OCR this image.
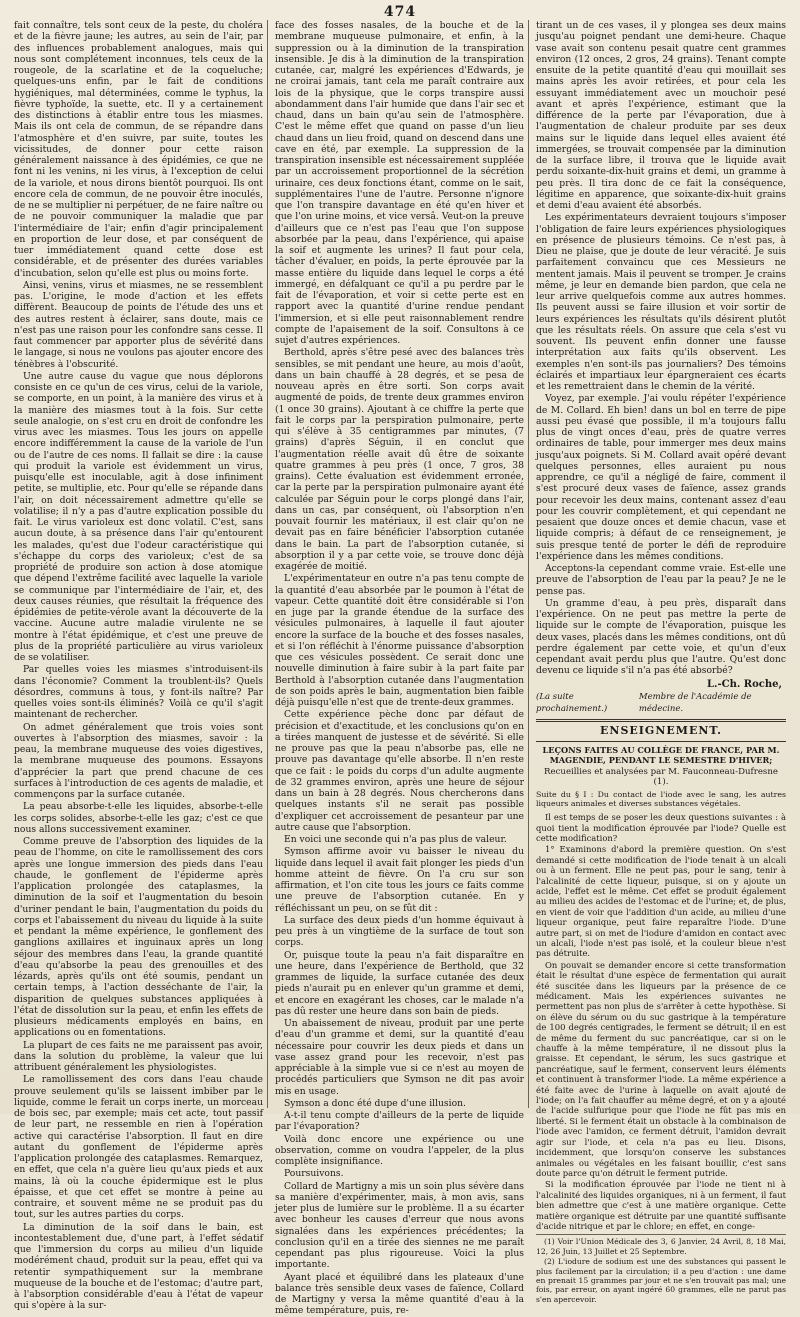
474

fait connaître, tels sont ceux de la peste, du choléra et de la fièvre jaune; les autres, au sein de l'air, par des influences probablement analogues, mais qui nous sont complétement inconnues, tels ceux de la rougeole, de la scarlatine et de la coqueluche; quelques-uns enfin, par le fait de conditions hygiéniques, mal déterminées, comme le typhus, la fièvre typhoïde, la suette, etc. Il y a certainement des distinctions à établir entre tous les miasmes. Mais ils ont cela de commun, de se répandre dans l'atmosphère et d'en suivre, par suite, toutes les vicissitudes, de donner pour cette raison généralement naissance à des épidémies, ce que ne font ni les venins, ni les virus, à l'exception de celui de la variole, et nous dirons bientôt pourquoi. Ils ont encore cela de commun, de ne pouvoir être inoculés, de ne se multiplier ni perpétuer, de ne faire naître ou de ne pouvoir communiquer la maladie que par l'intermédiaire de l'air; enfin d'agir principalement en proportion de leur dose, et par conséquent de tuer immédiatement quand cette dose est considérable, et de présenter des durées variables d'incubation, selon qu'elle est plus ou moins forte.

Ainsi, venins, virus et miasmes, ne se ressemblent pas. L'origine, le mode d'action et les effets diffèrent. Beaucoup de points de l'étude des uns et des autres restent à éclairer, sans doute, mais ce n'est pas une raison pour les confondre sans cesse. Il faut commencer par apporter plus de sévérité dans le langage, si nous ne voulons pas ajouter encore des ténèbres à l'obscurité.

Une autre cause du vague que nous déplorons consiste en ce qu'un de ces virus, celui de la variole, se comporte, en un point, à la manière des virus et à la manière des miasmes tout à la fois. Sur cette seule analogie, on s'est cru en droit de confondre les virus avec les miasmes. Tous les jours on appelle encore indifféremment la cause de la variole de l'un ou de l'autre de ces noms. Il fallait se dire : la cause qui produit la variole est évidemment un virus, puisqu'elle est inoculable, agit à dose infiniment petite, se multiplie, etc. Pour qu'elle se répande dans l'air, on doit nécessairement admettre qu'elle se volatilise; il n'y a pas d'autre explication possible du fait. Le virus varioleux est donc volatil. C'est, sans aucun doute, à sa présence dans l'air qu'entourent les malades, qu'est due l'odeur caractéristique qui s'échappe du corps des varioleux; c'est de sa propriété de produire son action à dose atomique que dépend l'extrême facilité avec laquelle la variole se communique par l'intermédiaire de l'air, et, des deux causes réunies, que résultait la fréquence des épidémies de petite-vérole avant la découverte de la vaccine. Aucune autre maladie virulente ne se montre à l'état épidémique, et c'est une preuve de plus de la propriété particulière au virus varioleux de se volatiliser.

Par quelles voies les miasmes s'introduisent-ils dans l'économie? Comment la troublent-ils? Quels désordres, communs à tous, y font-ils naître? Par quelles voies sont-ils éliminés? Voilà ce qu'il s'agit maintenant de rechercher.

On admet généralement que trois voies sont ouvertes à l'absorption des miasmes, savoir : la peau, la membrane muqueuse des voies digestives, la membrane muqueuse des poumons. Essayons d'apprécier la part que prend chacune de ces surfaces à l'introduction de ces agents de maladie, et commençons par la surface cutanée.

La peau absorbe-t-elle les liquides, absorbe-t-elle les corps solides, absorbe-t-elle les gaz; c'est ce que nous allons successivement examiner.

Comme preuve de l'absorption des liquides de la peau de l'homme, on cite le ramollissement des cors après une longue immersion des pieds dans l'eau chaude, le gonflement de l'épiderme après l'application prolongée des cataplasmes, la diminution de la soif et l'augmentation du besoin d'uriner pendant le bain, l'augmentation du poids du corps et l'abaissement du niveau du liquide à la suite et pendant la même expérience, le gonflement des ganglions axillaires et inguinaux après un long séjour des membres dans l'eau, la grande quantité d'eau qu'absorbe la peau des grenouilles et des lézards, après qu'ils ont été soumis, pendant un certain temps, à l'action desséchante de l'air, la disparition de quelques substances appliquées à l'état de dissolution sur la peau, et enfin les effets de plusieurs médicaments employés en bains, en applications ou en fomentations.

La plupart de ces faits ne me paraissent pas avoir, dans la solution du problème, la valeur que lui attribuent généralement les physiologistes.

Le ramollissement des cors dans l'eau chaude prouve seulement qu'ils se laissent imbiber par le liquide, comme le ferait un corps inerte, un morceau de bois sec, par exemple; mais cet acte, tout passif de leur part, ne ressemble en rien à l'opération active qui caractérise l'absorption. Il faut en dire autant du gonflement de l'épiderme après l'application prolongée des cataplasmes. Remarquez, en effet, que cela n'a guère lieu qu'aux pieds et aux mains, là où la couche épidermique est le plus épaisse, et que cet effet se montre à peine au contraire, et souvent même ne se produit pas du tout, sur les autres parties du corps.

La diminution de la soif dans le bain, est incontestablement due, d'une part, à l'effet sédatif que l'immersion du corps au milieu d'un liquide modérément chaud, produit sur la peau, effet qui va retentir sympathiquement sur la membrane muqueuse de la bouche et de l'estomac; d'autre part, à l'absorption considérable d'eau à l'état de vapeur qui s'opère à la sur-

face des fosses nasales, de la bouche et de la membrane muqueuse pulmonaire, et enfin, à la suppression ou à la diminution de la transpiration insensible. Je dis à la diminution de la transpiration cutanée, car, malgré les expériences d'Edwards, je ne croirai jamais, tant cela me paraît contraire aux lois de la physique, que le corps transpire aussi abondamment dans l'air humide que dans l'air sec et chaud, dans un bain qu'au sein de l'atmosphère. C'est le même effet que quand on passe d'un lieu chaud dans un lieu froid, quand on descend dans une cave en été, par exemple. La suppression de la transpiration insensible est nécessairement suppléée par un accroissement proportionnel de la sécrétion urinaire, ces deux fonctions étant, comme on le sait, supplémentaires l'une de l'autre. Personne n'ignore que l'on transpire davantage en été qu'en hiver et que l'on urine moins, et vice versâ. Veut-on la preuve d'ailleurs que ce n'est pas l'eau que l'on suppose absorbée par la peau, dans l'expérience, qui apaise la soif et augmente les urines? Il faut pour cela, tâcher d'évaluer, en poids, la perte éprouvée par la masse entière du liquide dans lequel le corps a été immergé, en défalquant ce qu'il a pu perdre par le fait de l'évaporation, et voir si cette perte est en rapport avec la quantité d'urine rendue pendant l'immersion, et si elle peut raisonnablement rendre compte de l'apaisement de la soif. Consultons à ce sujet d'autres expériences.

Berthold, après s'être pesé avec des balances très sensibles, se mit pendant une heure, au mois d'août, dans un bain chauffé à 28 degrés, et se pesa de nouveau après en être sorti. Son corps avait augmenté de poids, de trente deux grammes environ (1 once 30 grains). Ajoutant à ce chiffre la perte que fait le corps par la perspiration pulmonaire, perte qui s'élève à 35 centigrammes par minutes, (7 grains) d'après Séguin, il en conclut que l'augmentation réelle avait dû être de soixante quatre grammes à peu près (1 once, 7 gros, 38 grains). Cette évaluation est évidemment erronée, car la perte par la perspiration pulmonaire ayant été calculée par Séguin pour le corps plongé dans l'air, dans un cas, par conséquent, où l'absorption n'en pouvait fournir les matériaux, il est clair qu'on ne devait pas en faire bénéficier l'absorption cutanée dans le bain. La part de l'absorption cutanée, si absorption il y a par cette voie, se trouve donc déjà exagérée de moitié.

L'expérimentateur en outre n'a pas tenu compte de la quantité d'eau absorbée par le poumon à l'état de vapeur. Cette quantité doit être considérable si l'on en juge par la grande étendue de la surface des vésicules pulmonaires, à laquelle il faut ajouter encore la surface de la bouche et des fosses nasales, et si l'on réfléchit à l'énorme puissance d'absorption que ces vésicules possèdent. Ce serait donc une nouvelle diminution à faire subir à la part faite par Berthold à l'absorption cutanée dans l'augmentation de son poids après le bain, augmentation bien faible déjà puisqu'elle n'est que de trente-deux grammes.

Cette expérience pèche donc par défaut de précision et d'exactitude, et les conclusions qu'on en a tirées manquent de justesse et de sévérité. Si elle ne prouve pas que la peau n'absorbe pas, elle ne prouve pas davantage qu'elle absorbe. Il n'en reste que ce fait : le poids du corps d'un adulte augmente de 32 grammes environ, après une heure de séjour dans un bain à 28 degrés. Nous chercherons dans quelques instants s'il ne serait pas possible d'expliquer cet accroissement de pesanteur par une autre cause que l'absorption.

En voici une seconde qui n'a pas plus de valeur.

Symson affirme avoir vu baisser le niveau du liquide dans lequel il avait fait plonger les pieds d'un homme atteint de fièvre. On l'a cru sur son affirmation, et l'on cite tous les jours ce faits comme une preuve de l'absorption cutanée. En y réfléchissant un peu, on se fût dit :

La surface des deux pieds d'un homme équivaut à peu près à un vingtième de la surface de tout son corps.

Or, puisque toute la peau n'a fait disparaître en une heure, dans l'expérience de Berthold, que 32 grammes de liquide, la surface cutanée des deux pieds n'aurait pu en enlever qu'un gramme et demi, et encore en exagérant les choses, car le malade n'a pas dû rester une heure dans son bain de pieds.

Un abaissement de niveau, produit par une perte d'eau d'un gramme et demi, sur la quantité d'eau nécessaire pour couvrir les deux pieds et dans un vase assez grand pour les recevoir, n'est pas appréciable à la simple vue si ce n'est au moyen de procédés particuliers que Symson ne dit pas avoir mis en usage.

Symson a donc été dupe d'une illusion.

A-t-il tenu compte d'ailleurs de la perte de liquide par l'évaporation?

Voilà donc encore une expérience ou une observation, comme on voudra l'appeler, de la plus complète insignifiance.

Poursuivons.

Collard de Martigny a mis un soin plus sévère dans sa manière d'expérimenter, mais, à mon avis, sans jeter plus de lumière sur le problème. Il a su écarter avec bonheur les causes d'erreur que nous avons signalées dans les expériences précédentes; la conclusion qu'il en a tirée des siennes ne me paraît cependant pas plus rigoureuse. Voici la plus importante.

Ayant placé et équilibré dans les plateaux d'une balance très sensible deux vases de faïence, Collard de Martigny y versa la même quantité d'eau à la même température, puis, re-

tirant un de ces vases, il y plongea ses deux mains jusqu'au poignet pendant une demi-heure. Chaque vase avait son contenu pesait quatre cent grammes environ (12 onces, 2 gros, 24 grains). Tenant compte ensuite de la petite quantité d'eau qui mouillait ses mains après les avoir retirées, et pour cela les essuyant immédiatement avec un mouchoir pesé avant et après l'expérience, estimant que la différence de la perte par l'évaporation, due à l'augmentation de chaleur produite par ses deux mains sur le liquide dans lequel elles avaient été immergées, se trouvait compensée par la diminution de la surface libre, il trouva que le liquide avait perdu soixante-dix-huit grains et demi, un gramme à peu près. Il tira donc de ce fait la conséquence, légitime en apparence, que soixante-dix-huit grains et demi d'eau avaient été absorbés.

Les expérimentateurs devraient toujours s'imposer l'obligation de faire leurs expériences physiologiques en présence de plusieurs témoins. Ce n'est pas, à Dieu ne plaise, que je doute de leur véracité. Je suis parfaitement convaincu que ces Messieurs ne mentent jamais. Mais il peuvent se tromper. Je crains même, je leur en demande bien pardon, que cela ne leur arrive quelquefois comme aux autres hommes. Ils peuvent aussi se faire illusion et voir sortir de leurs expériences les résultats qu'ils désirent plutôt que les résultats réels. On assure que cela s'est vu souvent. Ils peuvent enfin donner une fausse interprétation aux faits qu'ils observent. Les exemples n'en sont-ils pas journaliers? Des témoins éclairés et impartiaux leur épargneraient ces écarts et les remettraient dans le chemin de la vérité.

Voyez, par exemple. J'ai voulu répéter l'expérience de M. Collard. Eh bien! dans un bol en terre de pipe aussi peu évasé que possible, il m'a toujours fallu plus de vingt onces d'eau, près de quatre verres ordinaires de table, pour immerger mes deux mains jusqu'aux poignets. Si M. Collard avait opéré devant quelques personnes, elles auraient pu nous apprendre, ce qu'il a négligé de faire, comment il s'est procuré deux vases de faïence, assez grands pour recevoir les deux mains, contenant assez d'eau pour les couvrir complètement, et qui cependant ne pesaient que douze onces et demie chacun, vase et liquide compris; à défaut de ce renseignement, je suis presque tenté de porter le défi de reproduire l'expérience dans les mêmes conditions.

Acceptons-la cependant comme vraie. Est-elle une preuve de l'absorption de l'eau par la peau? Je ne le pense pas.

Un gramme d'eau, à peu près, disparaît dans l'expérience. On ne peut pas mettre la perte de liquide sur le compte de l'évaporation, puisque les deux vases, placés dans les mêmes conditions, ont dû perdre également par cette voie, et qu'un d'eux cependant avait perdu plus que l'autre. Qu'est donc devenu ce liquide s'il n'a pas été absorbé?

L.-Ch. Roche,
(La suite prochainement.)
Membre de l'Académie de médecine.
ENSEIGNEMENT.
LEÇONS FAITES AU COLLÈGE DE FRANCE, PAR M. MAGENDIE, PENDANT LE SEMESTRE D'HIVER;
Recueillies et analysées par M. Fauconneau-Dufresne (1).
Suite du § I : Du contact de l'iode avec le sang, les autres liqueurs animales et diverses substances végétales.

Il est temps de se poser les deux questions suivantes : à quoi tient la modification éprouvée par l'iode? Quelle est cette modification?

1° Examinons d'abord la première question. On s'est demandé si cette modification de l'iode tenait à un alcali ou à un ferment. Elle ne peut pas, pour le sang, tenir à l'alcalinité de cette liqueur, puisque, si on y ajoute un acide, l'effet est le même. Cet effet se produit également au milieu des acides de l'estomac et de l'urine; et, de plus, en vient de voir que l'addition d'un acide, au milieu d'une liqueur organique, peut faire reparaître l'iode. D'une autre part, si on met de l'iodure d'amidon en contact avec un alcali, l'iode n'est pas isolé, et la couleur bleue n'est pas détruite.

On pouvait se demander encore si cette transformation était le résultat d'une espèce de fermentation qui aurait été suscitée dans les liqueurs par la présence de ce médicament. Mais les expériences suivantes ne permettent pas non plus de s'arrêter à cette hypothèse. Si on élève du sérum ou du suc gastrique à la température de 100 degrés centigrades, le ferment se détruit; il en est de même du ferment du suc pancréatique, car si on le chauffe à la même température, il ne dissout plus la graisse. Et cependant, le sérum, les sucs gastrique et pancréatique, sauf le ferment, conservent leurs éléments et continuent à transformer l'iode. La même expérience a été faite avec de l'urine à laquelle on avait ajouté de l'iode; on l'a fait chauffer au même degré, et on y a ajouté de l'acide sulfurique pour que l'iode ne fût pas mis en liberté. Si le ferment était un obstacle à la combinaison de l'iode avec l'amidon, ce ferment détruit, l'amidon devrait agir sur l'iode, et cela n'a pas eu lieu. Disons, incidemment, que lorsqu'on conserve les substances animales ou végétales en les faisant bouillir, c'est sans doute parce qu'on détruit le ferment putride.

Si la modification éprouvée par l'iode ne tient ni à l'alcalinité des liquides organiques, ni à un ferment, il faut bien admettre que c'est à une matière organique. Cette matière organique est détruite par une quantité suffisante d'acide nitrique et par le chlore; en effet, en conge-

(1) Voir l'Union Médicale des 3, 6 Janvier, 24 Avril, 8, 18 Mai, 12, 26 Juin, 13 Juillet et 25 Septembre.

(2) L'iodure de sodium est une des substances qui passent le plus facilement par la circulation; il a peu d'action : une dame en prenait 15 grammes par jour et ne s'en trouvait pas mal; une fois, par erreur, on ayant ingéré 60 grammes, elle ne parut pas s'en apercevoir.
